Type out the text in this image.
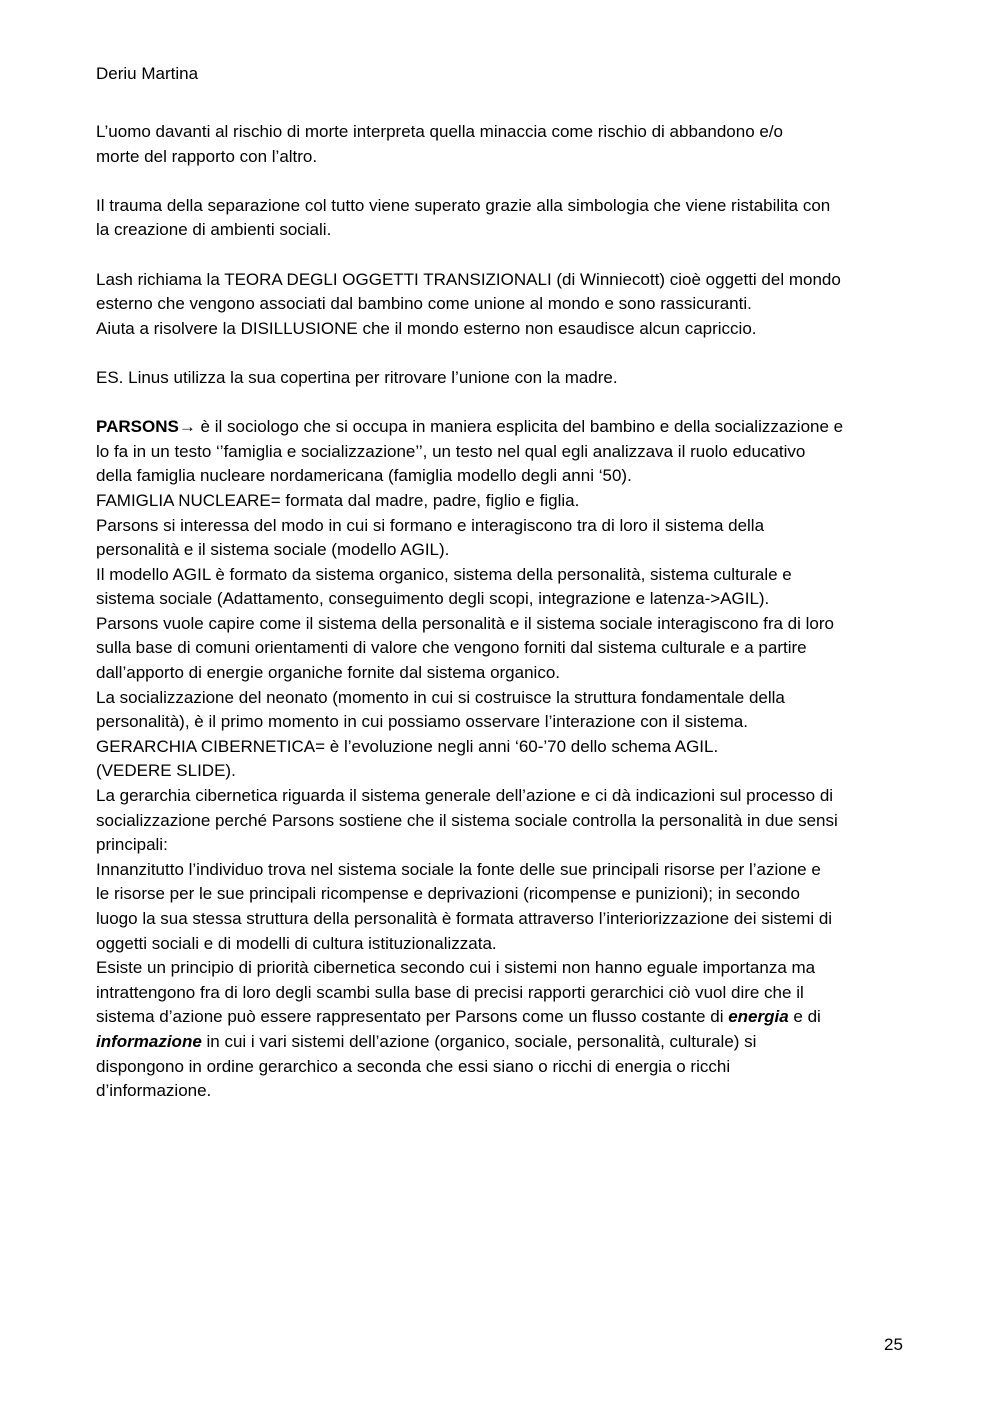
Deriu Martina

L’uomo davanti al rischio di morte interpreta quella minaccia come rischio di abbandono e/o
morte del rapporto con l’altro.

Il trauma della separazione col tutto viene superato grazie alla simbologia che viene ristabilita con
la creazione di ambienti sociali.

Lash richiama la TEORA DEGLI OGGETTI TRANSIZIONALI (di Winniecott) cioè oggetti del mondo
esterno che vengono associati dal bambino come unione al mondo e sono rassicuranti.
Aiuta a risolvere la DISILLUSIONE che il mondo esterno non esaudisce alcun capriccio.

ES. Linus utilizza la sua copertina per ritrovare l’unione con la madre.

PARSONS→ è il sociologo che si occupa in maniera esplicita del bambino e della socializzazione e
lo fa in un testo ‘’famiglia e socializzazione’’, un testo nel qual egli analizzava il ruolo educativo
della famiglia nucleare nordamericana (famiglia modello degli anni ‘50).
FAMIGLIA NUCLEARE= formata dal madre, padre, figlio e figlia.
Parsons si interessa del modo in cui si formano e interagiscono tra di loro il sistema della
personalità e il sistema sociale (modello AGIL).
Il modello AGIL è formato da sistema organico, sistema della personalità, sistema culturale e
sistema sociale (Adattamento, conseguimento degli scopi, integrazione e latenza->AGIL).
Parsons vuole capire come il sistema della personalità e il sistema sociale interagiscono fra di loro
sulla base di comuni orientamenti di valore che vengono forniti dal sistema culturale e a partire
dall’apporto di energie organiche fornite dal sistema organico.
La socializzazione del neonato (momento in cui si costruisce la struttura fondamentale della
personalità), è il primo momento in cui possiamo osservare l’interazione con il sistema.
GERARCHIA CIBERNETICA= è l’evoluzione negli anni ‘60-’70 dello schema AGIL.
(VEDERE SLIDE).
La gerarchia cibernetica riguarda il sistema generale dell’azione e ci dà indicazioni sul processo di
socializzazione perché Parsons sostiene che il sistema sociale controlla la personalità in due sensi
principali:
Innanzitutto l’individuo trova nel sistema sociale la fonte delle sue principali risorse per l’azione e
le risorse per le sue principali ricompense e deprivazioni (ricompense e punizioni); in secondo
luogo la sua stessa struttura della personalità è formata attraverso l’interiorizzazione dei sistemi di
oggetti sociali e di modelli di cultura istituzionalizzata.
Esiste un principio di priorità cibernetica secondo cui i sistemi non hanno eguale importanza ma
intrattengono fra di loro degli scambi sulla base di precisi rapporti gerarchici ciò vuol dire che il
sistema d’azione può essere rappresentato per Parsons come un flusso costante di energia e di
informazione in cui i vari sistemi dell’azione (organico, sociale, personalità, culturale) si
dispongono in ordine gerarchico a seconda che essi siano o ricchi di energia o ricchi
d’informazione.

25
